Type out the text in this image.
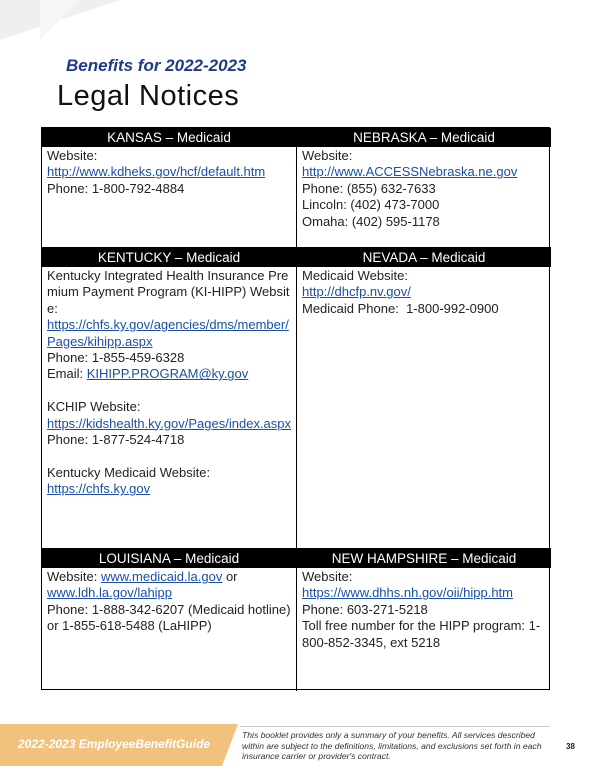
Benefits for 2022-2023
Legal Notices
KANSAS – Medicaid
Website:
http://www.kdheks.gov/hcf/default.htm
Phone: 1-800-792-4884
NEBRASKA – Medicaid
Website:
http://www.ACCESSNebraska.ne.gov
Phone: (855) 632-7633
Lincoln: (402) 473-7000
Omaha: (402) 595-1178
KENTUCKY – Medicaid
Kentucky Integrated Health Insurance Premium Payment Program (KI-HIPP) Website:
https://chfs.ky.gov/agencies/dms/member/Pages/kihipp.aspx
Phone: 1-855-459-6328
Email: KIHIPP.PROGRAM@ky.gov
KCHIP Website:
https://kidshealth.ky.gov/Pages/index.aspx
Phone: 1-877-524-4718
Kentucky Medicaid Website:
https://chfs.ky.gov
NEVADA – Medicaid
Medicaid Website:
http://dhcfp.nv.gov/
Medicaid Phone:  1-800-992-0900
LOUISIANA – Medicaid
Website: www.medicaid.la.gov or
www.ldh.la.gov/lahipp
Phone: 1-888-342-6207 (Medicaid hotline) or 1-855-618-5488 (LaHIPP)
NEW HAMPSHIRE – Medicaid
Website:
https://www.dhhs.nh.gov/oii/hipp.htm
Phone: 603-271-5218
Toll free number for the HIPP program: 1-800-852-3345, ext 5218
2022-2023 EmployeeBenefitGuide
This booklet provides only a summary of your benefits. All services described within are subject to the definitions, limitations, and exclusions set forth in each insurance carrier or provider's contract.
38
